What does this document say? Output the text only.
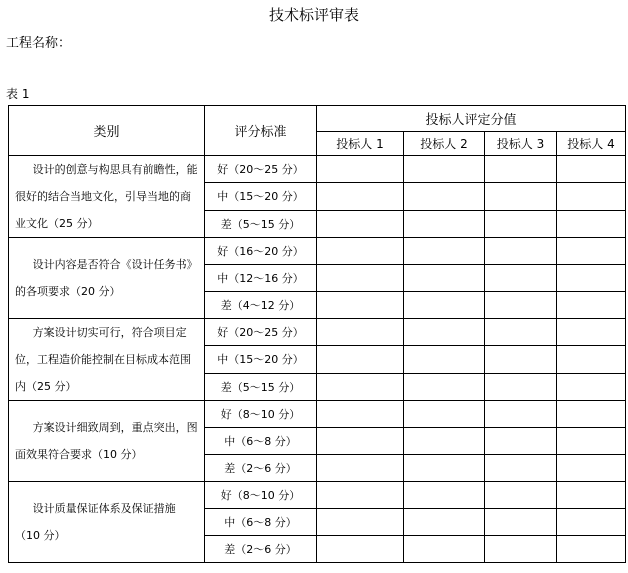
技术标评审表
工程名称：
表 1
类别	评分标准	投标人评定分值			
		投标人 1	投标人 2	投标人 3	投标人 4
设计的创意与构思具有前瞻性，能很好的结合当地文化，引导当地的商业文化（25 分）	好（20～25 分）				
	中（15～20 分）				
	差（5～15 分）				
设计内容是否符合《设计任务书》的各项要求（20 分）	好（16～20 分）				
	中（12～16 分）				
	差（4～12 分）				
方案设计切实可行，符合项目定位，工程造价能控制在目标成本范围内（25 分）	好（20～25 分）				
	中（15～20 分）				
	差（5～15 分）				
方案设计细致周到，重点突出，图面效果符合要求（10 分）	好（8～10 分）				
	中（6～8 分）				
	差（2～6 分）				
设计质量保证体系及保证措施（10 分）	好（8～10 分）				
	中（6～8 分）				
	差（2～6 分）				
